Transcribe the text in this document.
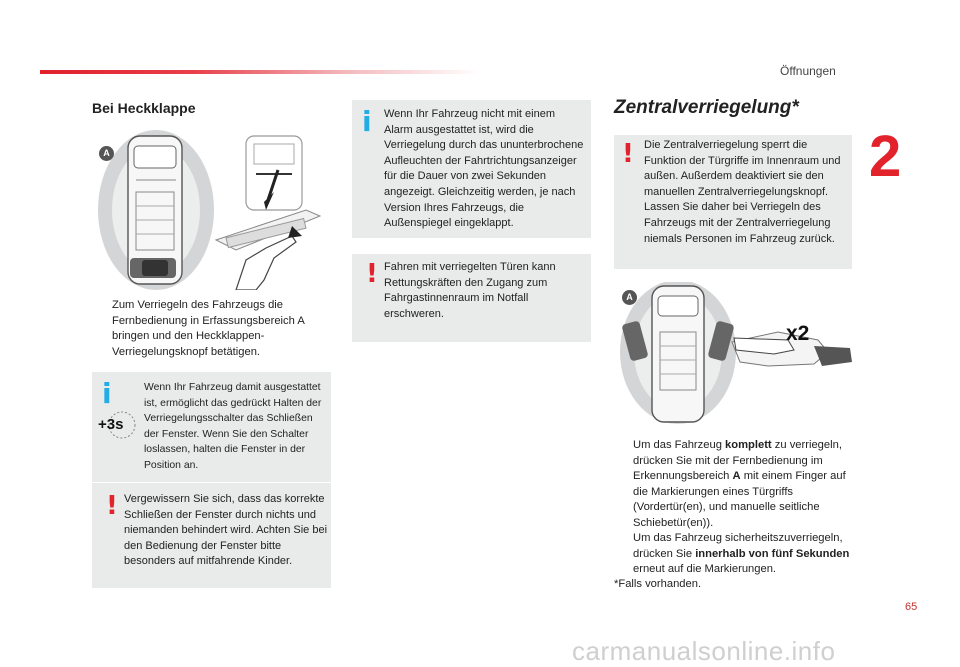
Öffnungen
2
Bei Heckklappe
A
Zum Verriegeln des Fahrzeugs die Fernbedienung in Erfassungsbereich A bringen und den Heckklappen-Verriegelungsknopf betätigen.
i
+3s
Wenn Ihr Fahrzeug damit ausgestattet ist, ermöglicht das gedrückt Halten der Verriegelungsschalter das Schließen der Fenster. Wenn Sie den Schalter loslassen, halten die Fenster in der Position an.
! Vergewissern Sie sich, dass das korrekte Schließen der Fenster durch nichts und niemanden behindert wird. Achten Sie bei den Bedienung der Fenster bitte besonders auf mitfahrende Kinder.
i Wenn Ihr Fahrzeug nicht mit einem Alarm ausgestattet ist, wird die Verriegelung durch das ununterbrochene Aufleuchten der Fahrtrichtungsanzeiger für die Dauer von zwei Sekunden angezeigt. Gleichzeitig werden, je nach Version Ihres Fahrzeugs, die Außenspiegel eingeklappt.
! Fahren mit verriegelten Türen kann Rettungskräften den Zugang zum Fahrgastinnenraum im Notfall erschweren.
Zentralverriegelung*
! Die Zentralverriegelung sperrt die Funktion der Türgriffe im Innenraum und außen. Außerdem deaktiviert sie den manuellen Zentralverriegelungsknopf. Lassen Sie daher bei Verriegeln des Fahrzeugs mit der Zentralverriegelung niemals Personen im Fahrzeug zurück.
A
x2
Um das Fahrzeug komplett zu verriegeln, drücken Sie mit der Fernbedienung im Erkennungsbereich A mit einem Finger auf die Markierungen eines Türgriffs (Vordertür(en), und manuelle seitliche Schiebetür(en)).
Um das Fahrzeug sicherheitszuverriegeln, drücken Sie innerhalb von fünf Sekunden erneut auf die Markierungen.
*Falls vorhanden.
65
carmanualsonline.info
